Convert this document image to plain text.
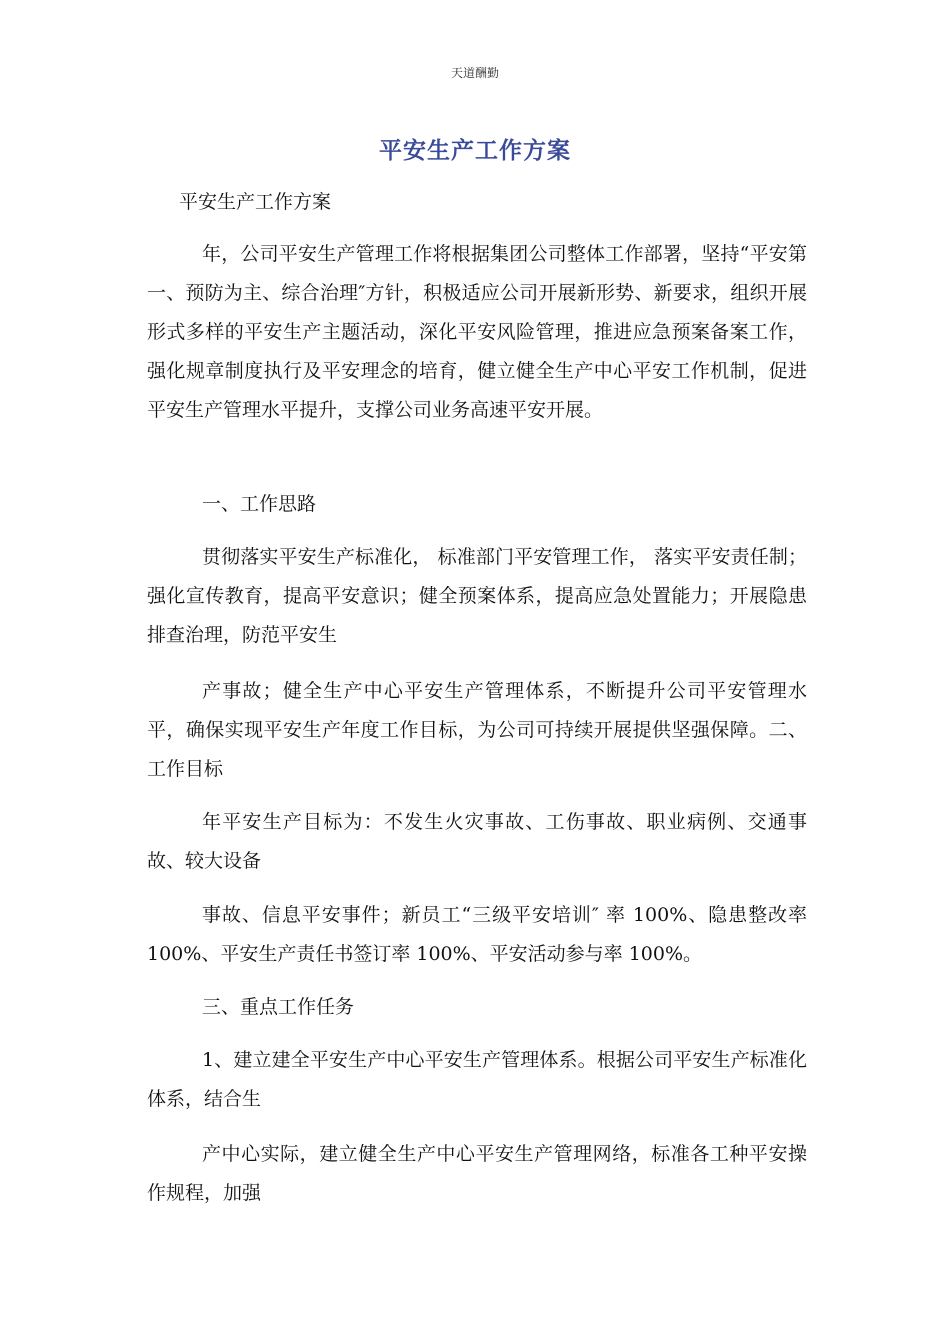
天道酬勤
平安生产工作方案

平安生产工作方案

年，公司平安生产管理工作将根据集团公司整体工作部署，坚持“平安第一、预防为主、综合治理″方针，积极适应公司开展新形势、新要求，组织开展形式多样的平安生产主题活动，深化平安风险管理，推进应急预案备案工作，强化规章制度执行及平安理念的培育，健立健全生产中心平安工作机制，促进平安生产管理水平提升，支撑公司业务高速平安开展。

一、工作思路

贯彻落实平安生产标准化， 标准部门平安管理工作， 落实平安责任制； 强化宣传教育，提高平安意识；健全预案体系，提高应急处置能力；开展隐患排查治理，防范平安生

产事故；健全生产中心平安生产管理体系，不断提升公司平安管理水平，确保实现平安生产年度工作目标，为公司可持续开展提供坚强保障。二、工作目标

年平安生产目标为：不发生火灾事故、工伤事故、职业病例、交通事故、较大设备

事故、信息平安事件；新员工“三级平安培训″ 率 100%、隐患整改率 100%、平安生产责任书签订率 100%、平安活动参与率 100%。

三、重点工作任务

1、建立建全平安生产中心平安生产管理体系。根据公司平安生产标准化体系，结合生

产中心实际，建立健全生产中心平安生产管理网络，标准各工种平安操作规程，加强
